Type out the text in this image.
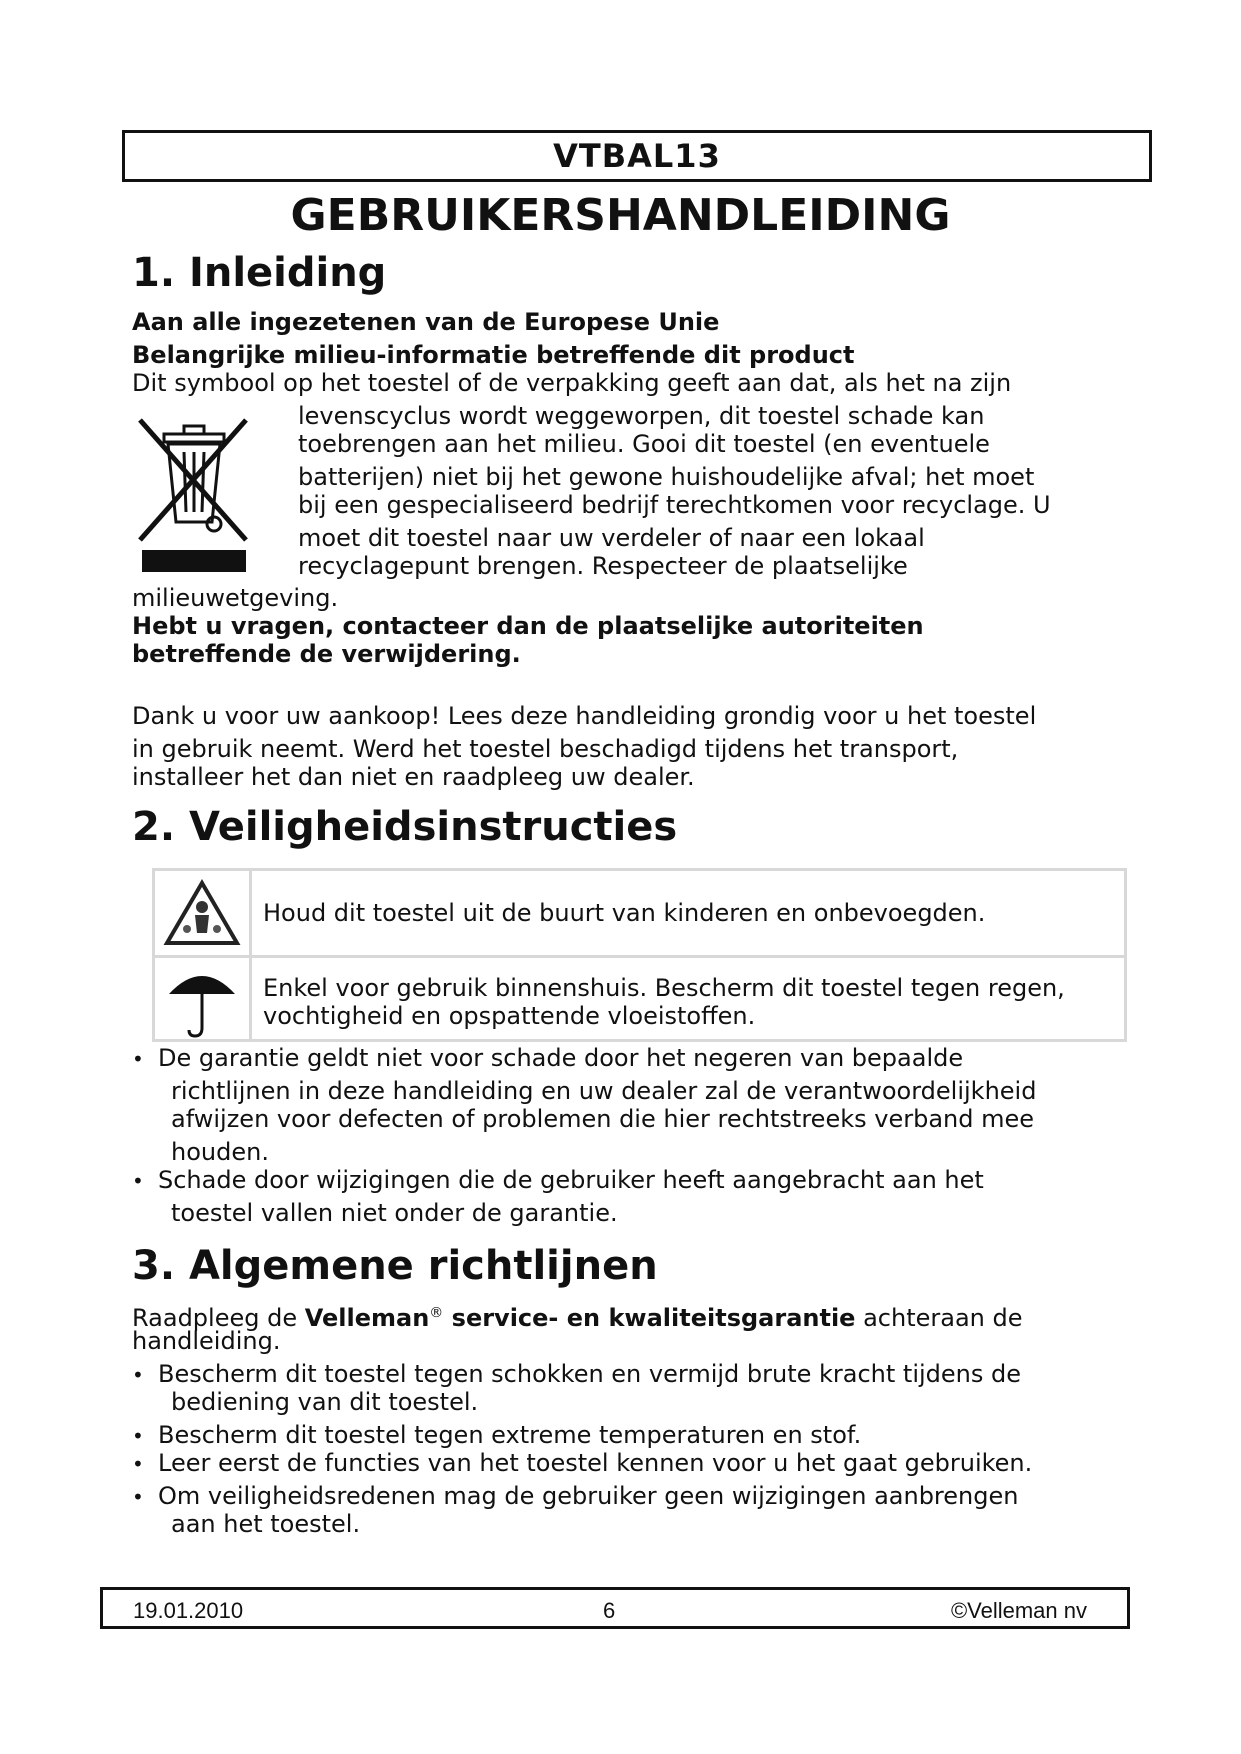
VTBAL13
GEBRUIKERSHANDLEIDING
1. Inleiding
Aan alle ingezetenen van de Europese Unie
Belangrijke milieu-informatie betreffende dit product
Dit symbool op het toestel of de verpakking geeft aan dat, als het na zijn
levenscyclus wordt weggeworpen, dit toestel schade kan
toebrengen aan het milieu. Gooi dit toestel (en eventuele
batterijen) niet bij het gewone huishoudelijke afval; het moet
bij een gespecialiseerd bedrijf terechtkomen voor recyclage. U
moet dit toestel naar uw verdeler of naar een lokaal
recyclagepunt brengen. Respecteer de plaatselijke
milieuwetgeving.
Hebt u vragen, contacteer dan de plaatselijke autoriteiten
betreffende de verwijdering.
Dank u voor uw aankoop! Lees deze handleiding grondig voor u het toestel
in gebruik neemt. Werd het toestel beschadigd tijdens het transport,
installeer het dan niet en raadpleeg uw dealer.
2. Veiligheidsinstructies
Houd dit toestel uit de buurt van kinderen en onbevoegden.
Enkel voor gebruik binnenshuis. Bescherm dit toestel tegen regen,
vochtigheid en opspattende vloeistoffen.
• De garantie geldt niet voor schade door het negeren van bepaalde
richtlijnen in deze handleiding en uw dealer zal de verantwoordelijkheid
afwijzen voor defecten of problemen die hier rechtstreeks verband mee
houden.
• Schade door wijzigingen die de gebruiker heeft aangebracht aan het
toestel vallen niet onder de garantie.
3. Algemene richtlijnen
Raadpleeg de Velleman® service- en kwaliteitsgarantie achteraan de
handleiding.
• Bescherm dit toestel tegen schokken en vermijd brute kracht tijdens de
bediening van dit toestel.
• Bescherm dit toestel tegen extreme temperaturen en stof.
• Leer eerst de functies van het toestel kennen voor u het gaat gebruiken.
• Om veiligheidsredenen mag de gebruiker geen wijzigingen aanbrengen
aan het toestel.
19.01.2010	6	©Velleman nv
